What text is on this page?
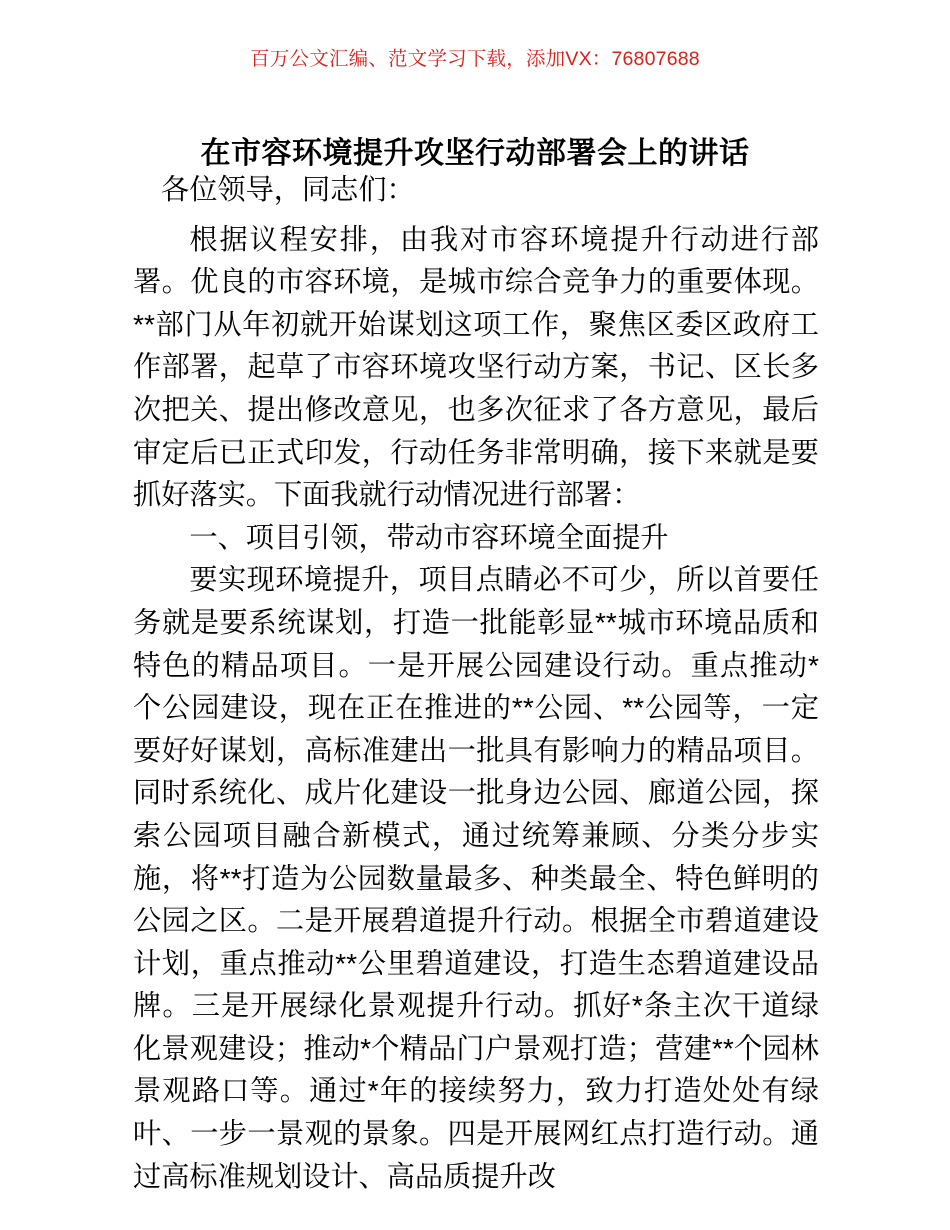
百万公文汇编、范文学习下载，添加VX：76807688
在市容环境提升攻坚行动部署会上的讲话

各位领导，同志们：

根据议程安排，由我对市容环境提升行动进行部署。优良的市容环境，是城市综合竞争力的重要体现。**部门从年初就开始谋划这项工作，聚焦区委区政府工作部署，起草了市容环境攻坚行动方案，书记、区长多次把关、提出修改意见，也多次征求了各方意见，最后审定后已正式印发，行动任务非常明确，接下来就是要抓好落实。下面我就行动情况进行部署：

一、项目引领，带动市容环境全面提升

要实现环境提升，项目点睛必不可少，所以首要任务就是要系统谋划，打造一批能彰显**城市环境品质和特色的精品项目。一是开展公园建设行动。重点推动*个公园建设，现在正在推进的**公园、**公园等，一定要好好谋划，高标准建出一批具有影响力的精品项目。同时系统化、成片化建设一批身边公园、廊道公园，探索公园项目融合新模式，通过统筹兼顾、分类分步实施，将**打造为公园数量最多、种类最全、特色鲜明的公园之区。二是开展碧道提升行动。根据全市碧道建设计划，重点推动**公里碧道建设，打造生态碧道建设品牌。三是开展绿化景观提升行动。抓好*条主次干道绿化景观建设；推动*个精品门户景观打造；营建**个园林景观路口等。通过*年的接续努力，致力打造处处有绿叶、一步一景观的景象。四是开展网红点打造行动。通过高标准规划设计、高品质提升改
